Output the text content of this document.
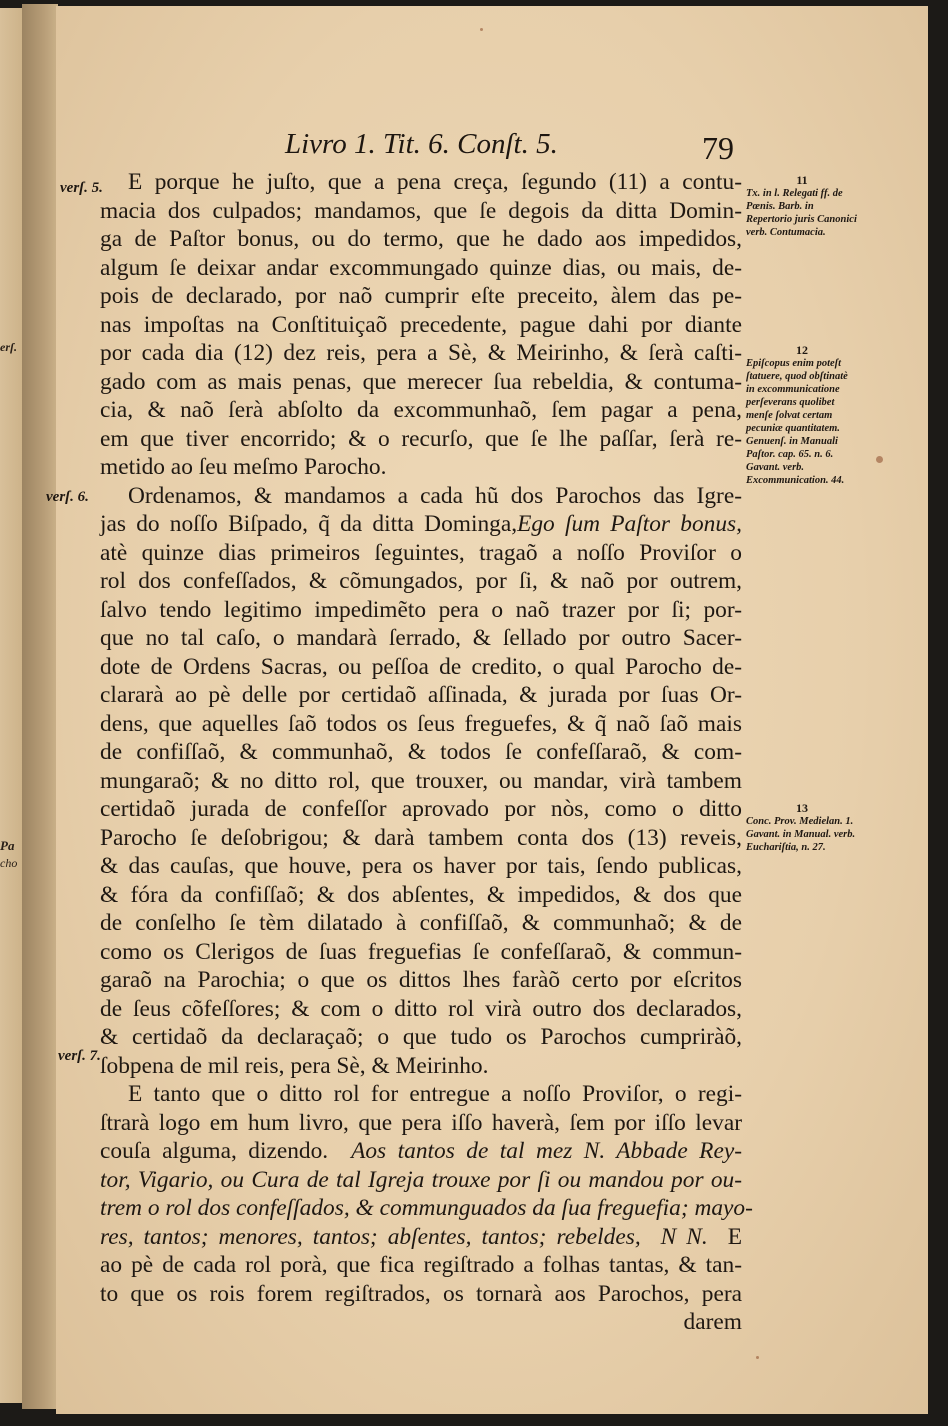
erſ.
Pa
cho
Livro 1. Tit. 6. Conſt. 5.	79
verſ. 5.
verſ. 6.
verſ. 7.
E porque he juſto, que a pena creça, ſegundo (11) a contu-
macia dos culpados; mandamos, que ſe degois da ditta Domin-
ga de Paſtor bonus, ou do termo, que he dado aos impedidos,
algum ſe deixar andar excommungado quinze dias, ou mais, de-
pois de declarado, por naõ cumprir eſte preceito, àlem das pe-
nas impoſtas na Conſtituiçaõ precedente, pague dahi por diante
por cada dia (12) dez reis, pera a Sè, & Meirinho, & ſerà caſti-
gado com as mais penas, que merecer ſua rebeldia, & contuma-
cia, & naõ ſerà abſolto da excommunhaõ, ſem pagar a pena,
em que tiver encorrido; & o recurſo, que ſe lhe paſſar, ſerà re-
metido ao ſeu meſmo Parocho.
Ordenamos, & mandamos a cada hũ dos Parochos das Igre-
jas do noſſo Biſpado, q̃ da ditta Dominga,Ego ſum Paſtor bonus,
atè quinze dias primeiros ſeguintes, tragaõ a noſſo Proviſor o
rol dos confeſſados, & cõmungados, por ſi, & naõ por outrem,
ſalvo tendo legitimo impedimẽto pera o naõ trazer por ſi; por-
que no tal caſo, o mandarà ſerrado, & ſellado por outro Sacer-
dote de Ordens Sacras, ou peſſoa de credito, o qual Parocho de-
clararà ao pè delle por certidaõ aſſinada, & jurada por ſuas Or-
dens, que aquelles ſaõ todos os ſeus freguefes, & q̃ naõ ſaõ mais
de confiſſaõ, & communhaõ, & todos ſe confeſſaraõ, & com-
mungaraõ; & no ditto rol, que trouxer, ou mandar, virà tambem
certidaõ jurada de confeſſor aprovado por nòs, como o ditto
Parocho ſe deſobrigou; & darà tambem conta dos (13) reveis,
& das cauſas, que houve, pera os haver por tais, ſendo publicas,
& fóra da confiſſaõ; & dos abſentes, & impedidos, & dos que
de conſelho ſe tèm dilatado à confiſſaõ, & communhaõ; & de
como os Clerigos de ſuas freguefias ſe confeſſaraõ, & commun-
garaõ na Parochia; o que os dittos lhes faràõ certo por eſcritos
de ſeus cõfeſſores; & com o ditto rol virà outro dos declarados,
& certidaõ da declaraçaõ; o que tudo os Parochos cumpriràõ,
ſobpena de mil reis, pera Sè, & Meirinho.
E tanto que o ditto rol for entregue a noſſo Proviſor, o regi-
ſtrarà logo em hum livro, que pera iſſo haverà, ſem por iſſo levar
couſa alguma, dizendo. Aos tantos de tal mez N. Abbade Rey-
tor, Vigario, ou Cura de tal Igreja trouxe por ſi ou mandou por ou-
trem o rol dos confeſſados, & communguados da ſua freguefia; mayo-
res, tantos; menores, tantos; abſentes, tantos; rebeldes, N N. E
ao pè de cada rol porà, que fica regiſtrado a folhas tantas, & tan-
to que os rois forem regiſtrados, os tornarà aos Parochos, pera
darem
11
Tx. in l. Relegati ff. de Pœnis. Barb. in Repertorio juris Canonici verb. Contumacia.
12
Epiſcopus enim poteſt ſtatuere, quod obſtinatè in excommunicatione perſeverans quolibet menſe ſolvat certam pecuniæ quantitatem. Genuenſ. in Manuali Paſtor. cap. 65. n. 6. Gavant. verb. Excommunication. 44.
13
Conc. Prov. Medielan. 1. Gavant. in Manual. verb. Euchariſtia, n. 27.
